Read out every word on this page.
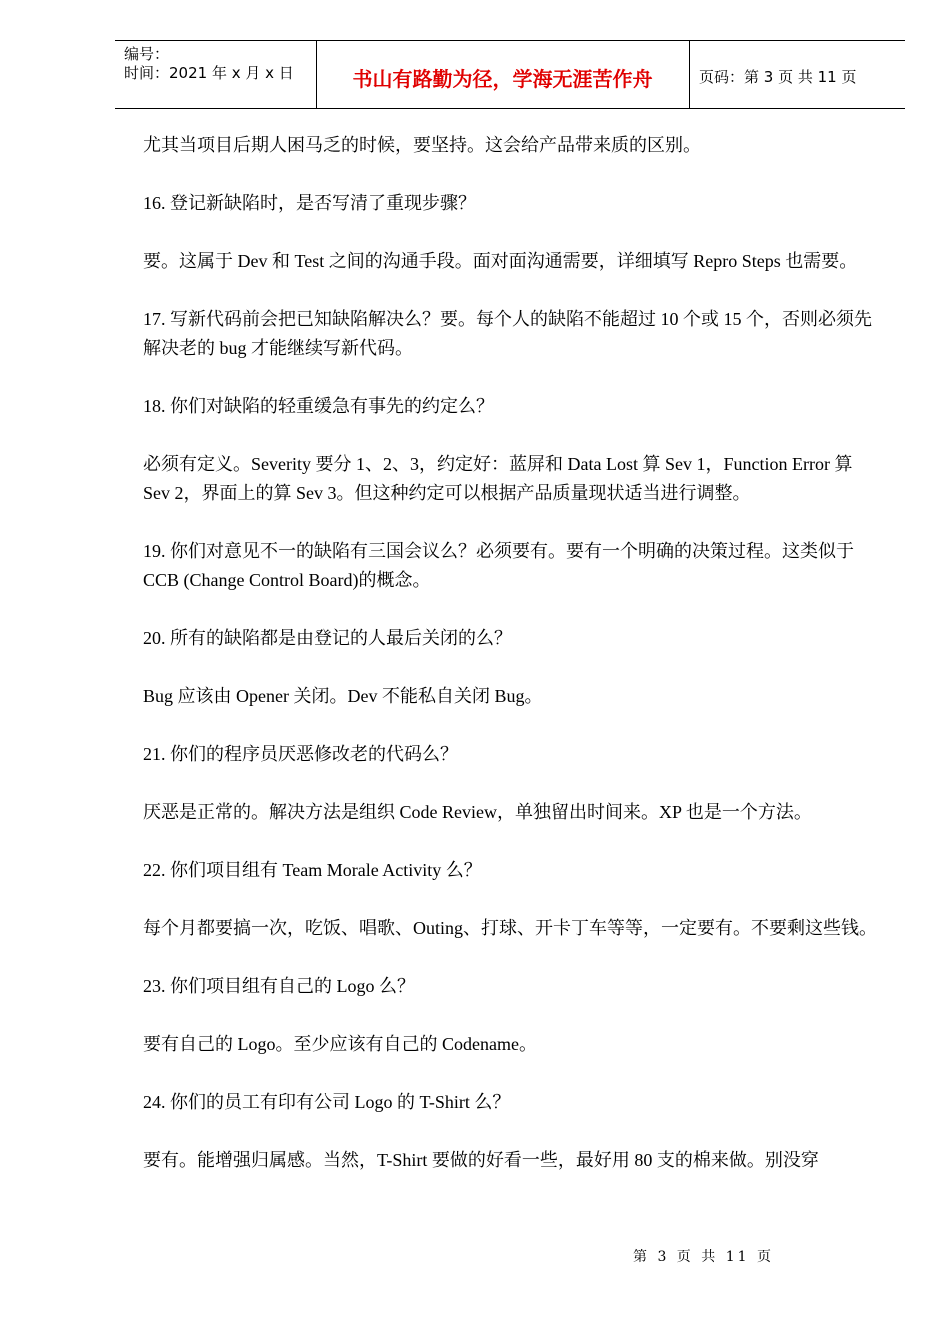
编号：
时间：2021 年 x 月 x 日	书山有路勤为径，学海无涯苦作舟	页码：第 3 页 共 11 页

尤其当项目后期人困马乏的时候，要坚持。这会给产品带来质的区别。

16. 登记新缺陷时，是否写清了重现步骤？

要。这属于 Dev 和 Test 之间的沟通手段。面对面沟通需要，详细填写 Repro Steps 也需要。

17. 写新代码前会把已知缺陷解决么？要。每个人的缺陷不能超过 10 个或 15 个，否则必须先解决老的 bug 才能继续写新代码。

18. 你们对缺陷的轻重缓急有事先的约定么？

必须有定义。Severity 要分 1、2、3，约定好：蓝屏和 Data Lost 算 Sev 1，Function Error 算 Sev 2，界面上的算 Sev 3。但这种约定可以根据产品质量现状适当进行调整。

19. 你们对意见不一的缺陷有三国会议么？必须要有。要有一个明确的决策过程。这类似于 CCB (Change Control Board)的概念。

20. 所有的缺陷都是由登记的人最后关闭的么？

Bug 应该由 Opener 关闭。Dev 不能私自关闭 Bug。

21. 你们的程序员厌恶修改老的代码么？

厌恶是正常的。解决方法是组织 Code Review，单独留出时间来。XP 也是一个方法。

22. 你们项目组有 Team Morale Activity 么？

每个月都要搞一次，吃饭、唱歌、Outing、打球、开卡丁车等等，一定要有。不要剩这些钱。

23. 你们项目组有自己的 Logo 么？

要有自己的 Logo。至少应该有自己的 Codename。

24. 你们的员工有印有公司 Logo 的 T-Shirt 么？

要有。能增强归属感。当然，T-Shirt 要做的好看一些，最好用 80 支的棉来做。别没穿

第 3 页 共 11 页
